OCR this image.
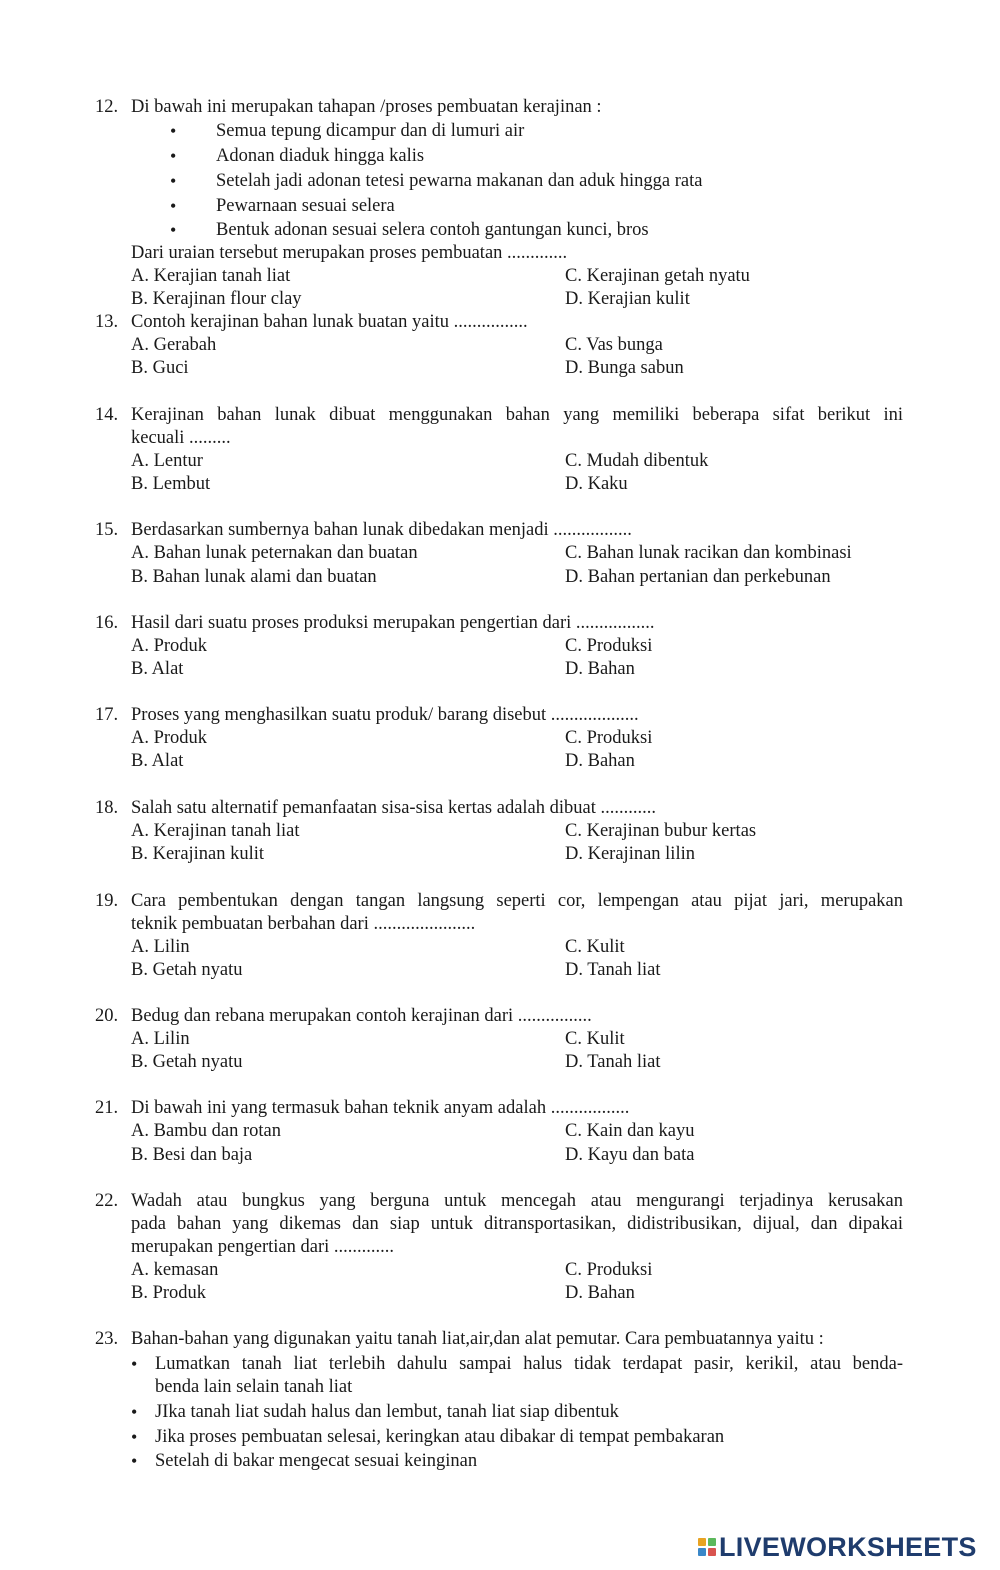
12. Di bawah ini merupakan tahapan /proses pembuatan kerajinan :
Semua tepung dicampur dan di lumuri air
Adonan diaduk hingga kalis
Setelah jadi adonan tetesi pewarna makanan dan aduk hingga rata
Pewarnaan sesuai selera
Bentuk adonan sesuai selera contoh gantungan kunci, bros
Dari uraian tersebut merupakan proses pembuatan .............
A. Kerajian tanah liat	C. Kerajinan getah nyatu
B. Kerajinan flour clay	D. Kerajian kulit
13. Contoh kerajinan bahan lunak buatan yaitu ................
A. Gerabah	C. Vas bunga
B. Guci	D. Bunga sabun
14. Kerajinan bahan lunak dibuat menggunakan bahan yang memiliki beberapa sifat berikut ini
kecuali .........
A. Lentur	C. Mudah dibentuk
B. Lembut	D. Kaku
15. Berdasarkan sumbernya bahan lunak dibedakan menjadi .................
A. Bahan lunak peternakan dan buatan	C. Bahan lunak racikan dan kombinasi
B. Bahan lunak alami dan buatan	D. Bahan pertanian dan perkebunan
16. Hasil dari suatu proses produksi merupakan pengertian dari .................
A. Produk	C. Produksi
B. Alat	D. Bahan
17. Proses yang menghasilkan suatu produk/ barang disebut ...................
A. Produk	C. Produksi
B. Alat	D. Bahan
18. Salah satu alternatif pemanfaatan sisa-sisa kertas adalah dibuat ............
A. Kerajinan tanah liat	C. Kerajinan bubur kertas
B. Kerajinan kulit	D. Kerajinan lilin
19. Cara pembentukan dengan tangan langsung seperti cor, lempengan atau pijat jari, merupakan
teknik pembuatan berbahan dari ......................
A. Lilin	C. Kulit
B. Getah nyatu	D. Tanah liat
20. Bedug dan rebana merupakan contoh kerajinan dari ................
A. Lilin	C. Kulit
B. Getah nyatu	D. Tanah liat
21. Di bawah ini yang termasuk bahan teknik anyam adalah .................
A. Bambu dan rotan	C. Kain dan kayu
B. Besi dan baja	D. Kayu dan bata
22. Wadah atau bungkus yang berguna untuk mencegah atau mengurangi terjadinya kerusakan
pada bahan yang dikemas dan siap untuk ditransportasikan, didistribusikan, dijual, dan dipakai
merupakan pengertian dari .............
A. kemasan	C. Produksi
B. Produk	D. Bahan
23. Bahan-bahan yang digunakan yaitu tanah liat,air,dan alat pemutar. Cara pembuatannya yaitu :
Lumatkan tanah liat terlebih dahulu sampai halus tidak terdapat pasir, kerikil, atau benda-
benda lain selain tanah liat
JIka tanah liat sudah halus dan lembut, tanah liat siap dibentuk
Jika proses pembuatan selesai, keringkan atau dibakar di tempat pembakaran
Setelah di bakar mengecat sesuai keinginan
LIVEWORKSHEETS
